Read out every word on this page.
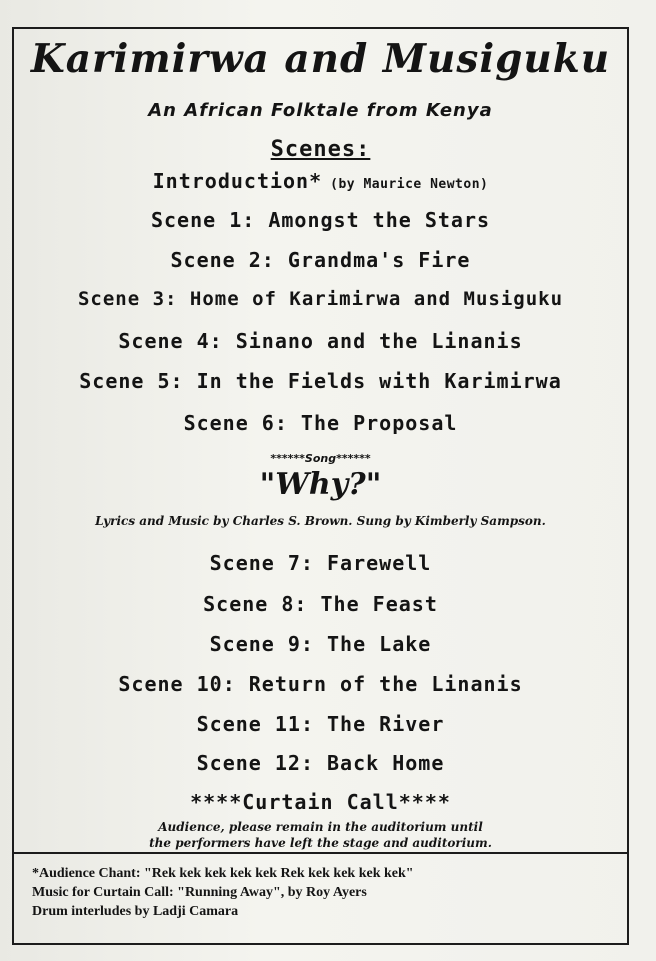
Karimirwa and Musiguku
An African Folktale from Kenya
Scenes:
Introduction* (by Maurice Newton)
Scene 1: Amongst the Stars
Scene 2: Grandma's Fire
Scene 3: Home of Karimirwa and Musiguku
Scene 4: Sinano and the Linanis
Scene 5: In the Fields with Karimirwa
Scene 6: The Proposal
******Song******
"Why?"
Lyrics and Music by Charles S. Brown. Sung by Kimberly Sampson.
Scene 7: Farewell
Scene 8: The Feast
Scene 9: The Lake
Scene 10: Return of the Linanis
Scene 11: The River
Scene 12: Back Home
****Curtain Call****
Audience, please remain in the auditorium until
the performers have left the stage and auditorium.
*Audience Chant: "Rek kek kek kek kek Rek kek kek kek kek"
Music for Curtain Call: "Running Away", by Roy Ayers
Drum interludes by Ladji Camara
